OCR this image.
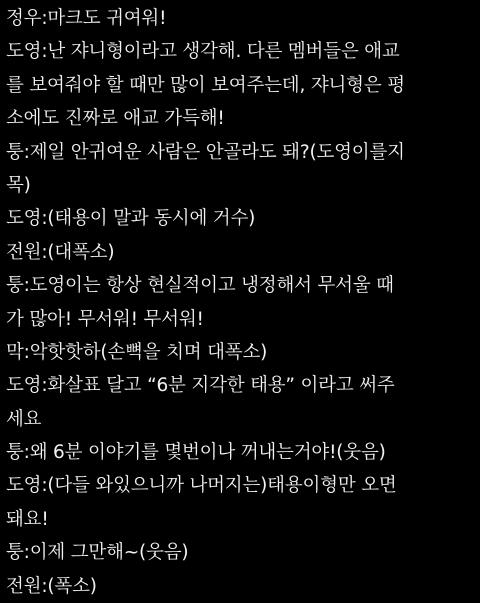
정우:마크도 귀여워!
도영:난 쟈니형이라고 생각해. 다른 멤버들은 애교
를 보여줘야 할 때만 많이 보여주는데, 쟈니형은 평
소에도 진짜로 애교 가득해!
퉁:제일 안귀여운 사람은 안골라도 돼?(도영이를지
목)
도영:(태용이 말과 동시에 거수)
전원:(대폭소)
퉁:도영이는 항상 현실적이고 냉정해서 무서울 때
가 많아! 무서워! 무서워!
막:악핫핫하(손뼉을 치며 대폭소)
도영:화살표 달고 “6분 지각한 태용” 이라고 써주
세요
퉁:왜 6분 이야기를 몇번이나 꺼내는거야!(웃음)
도영:(다들 와있으니까 나머지는)태용이형만 오면
돼요!
퉁:이제 그만해~(웃음)
전원:(폭소)
